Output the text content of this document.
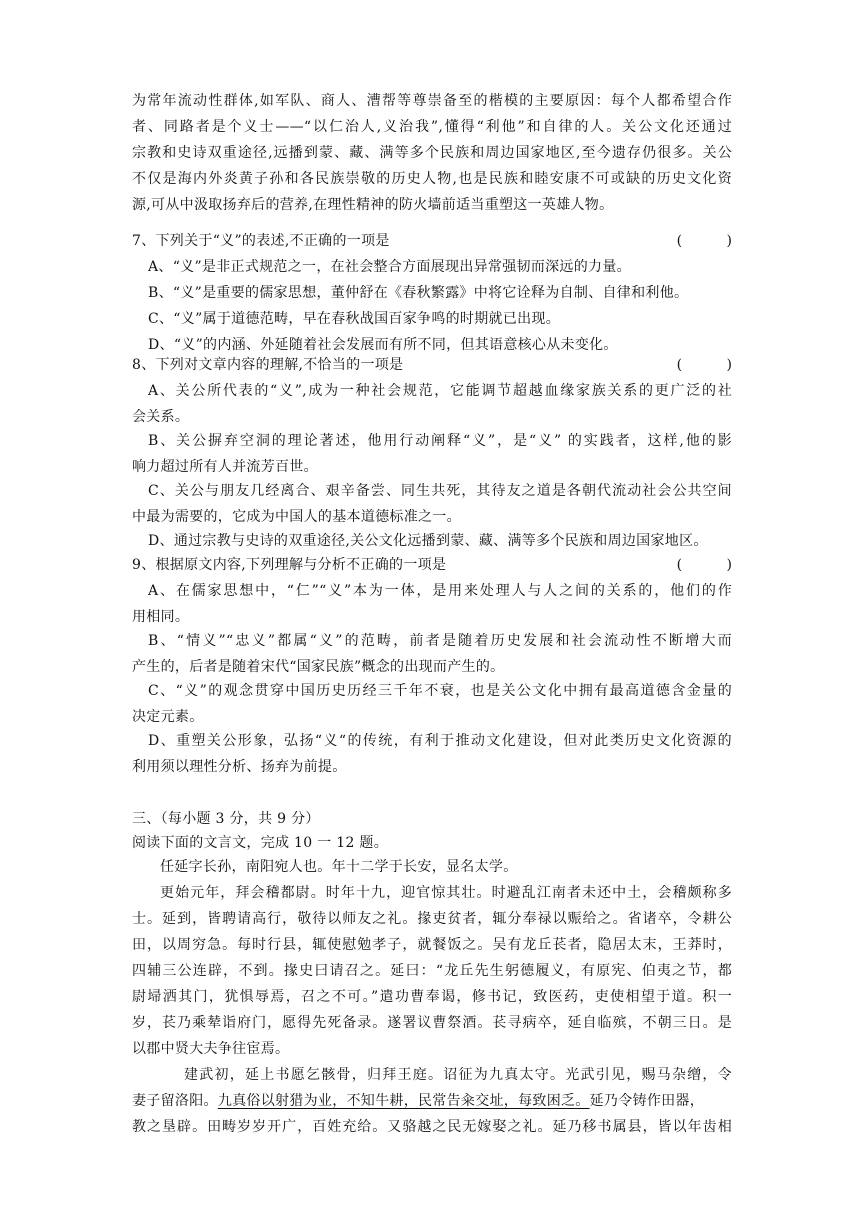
为常年流动性群体,如军队、商人、漕帮等尊崇备至的楷模的主要原因：每个人都希望合作
者、同路者是个义士——“以仁治人,义治我”,懂得“利他”和自律的人。关公文化还通过
宗教和史诗双重途径,远播到蒙、藏、满等多个民族和周边国家地区,至今遗存仍很多。关公
不仅是海内外炎黄子孙和各民族崇敬的历史人物,也是民族和睦安康不可或缺的历史文化资
源,可从中汲取扬弃后的营养,在理性精神的防火墙前适当重塑这一英雄人物。
7、下列关于“义”的表述,不正确的一项是	(          )
A、“义”是非正式规范之一，在社会整合方面展现出异常强韧而深远的力量。
B、“义”是重要的儒家思想，董仲舒在《春秋繁露》中将它诠释为自制、自律和利他。
C、“义”属于道德范畴，早在春秋战国百家争鸣的时期就已出现。
D、“义”的内涵、外延随着社会发展而有所不同，但其语意核心从未变化。
8、下列对文章内容的理解,不恰当的一项是	(          )
A、关公所代表的“义”,成为一种社会规范，它能调节超越血缘家族关系的更广泛的社
会关系。
B、关公摒弃空洞的理论著述，他用行动阐释“义”，是“义” 的实践者，这样,他的影
响力超过所有人并流芳百世。
C、关公与朋友几经离合、艰辛备尝、同生共死，其待友之道是各朝代流动社会公共空间
中最为需要的，它成为中国人的基本道德标准之一。
D、通过宗教与史诗的双重途径,关公文化远播到蒙、藏、满等多个民族和周边国家地区。
9、根据原文内容,下列理解与分析不正确的一项是	(          )
A、在儒家思想中，“仁”“义”本为一体，是用来处理人与人之间的关系的，他们的作
用相同。
B、“情义”“忠义”都属“义”的范畴，前者是随着历史发展和社会流动性不断增大而
产生的，后者是随着宋代“国家民族”概念的出现而产生的。
C、“义”的观念贯穿中国历史历经三千年不衰，也是关公文化中拥有最高道德含金量的
决定元素。
D、重塑关公形象，弘扬“义“的传统，有利于推动文化建设，但对此类历史文化资源的
利用须以理性分析、扬弃为前提。
三、（每小题 3 分，共 9 分）
阅读下面的文言文，完成 10 一 12 题。
任延字长孙，南阳宛人也。年十二学于长安，显名太学。
更始元年，拜会稽都尉。时年十九，迎官惊其壮。时避乱江南者未还中土，会稽颇称多
士。延到，皆聘请高行，敬待以师友之礼。掾吏贫者，辄分奉禄以赈给之。省诸卒，令耕公
田，以周穷急。每时行县，辄使慰勉孝子，就餐饭之。吴有龙丘苌者，隐居太末，王莽时，
四辅三公连辟，不到。掾史曰请召之。延曰：“龙丘先生躬德履义，有原宪、伯夷之节，都
尉埽洒其门，犹惧辱焉，召之不可。”遣功曹奉谒，修书记，致医药，吏使相望于道。积一
岁，苌乃乘辇诣府门，愿得先死备录。遂署议曹祭酒。苌寻病卒，延自临殡，不朝三日。是
以郡中贤大夫争往宦焉。
建武初，延上书愿乞骸骨，归拜王庭。诏征为九真太守。光武引见，赐马杂缯，令
妻子留洛阳。九真俗以射猎为业，不知牛耕，民常告籴交址，每致困乏。延乃令铸作田器，
教之垦辟。田畴岁岁开广，百姓充给。又骆越之民无嫁娶之礼。延乃移书属县，皆以年齿相
